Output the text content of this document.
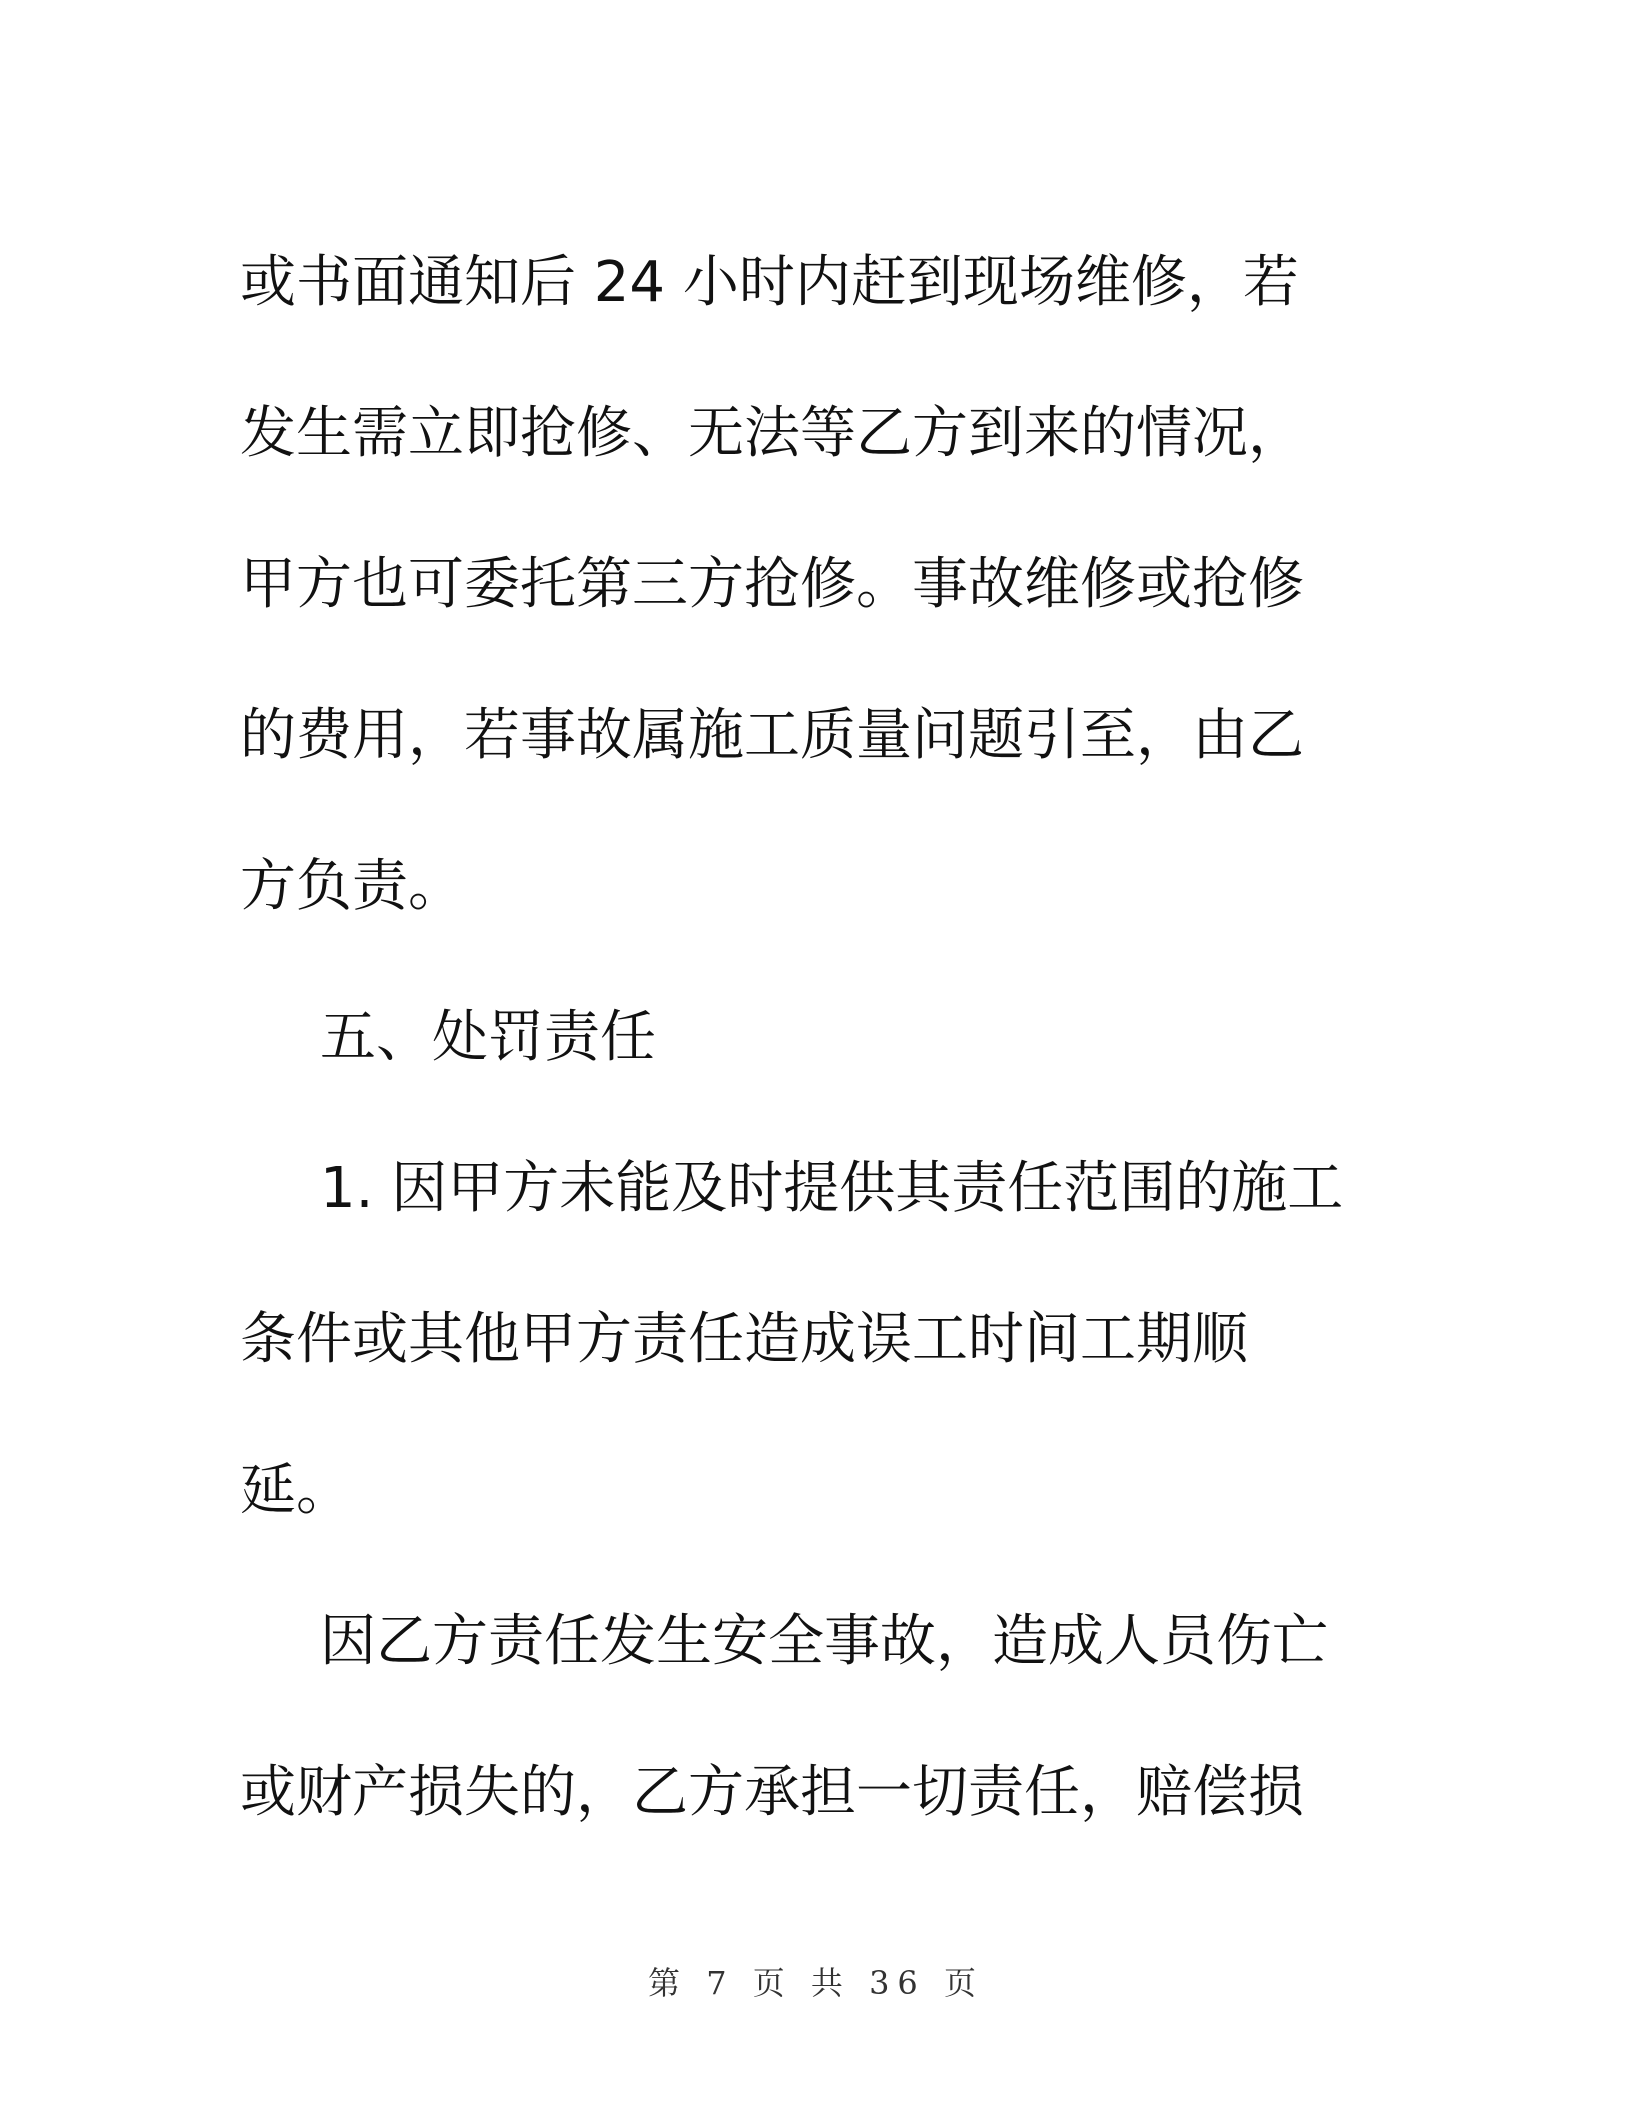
或书面通知后 24 小时内赶到现场维修，若
发生需立即抢修、无法等乙方到来的情况，
甲方也可委托第三方抢修。事故维修或抢修
的费用，若事故属施工质量问题引至，由乙
方负责。
五、处罚责任
1. 因甲方未能及时提供其责任范围的施工
条件或其他甲方责任造成误工时间工期顺
延。
因乙方责任发生安全事故，造成人员伤亡
或财产损失的，乙方承担一切责任，赔偿损
第 7 页 共 36 页
